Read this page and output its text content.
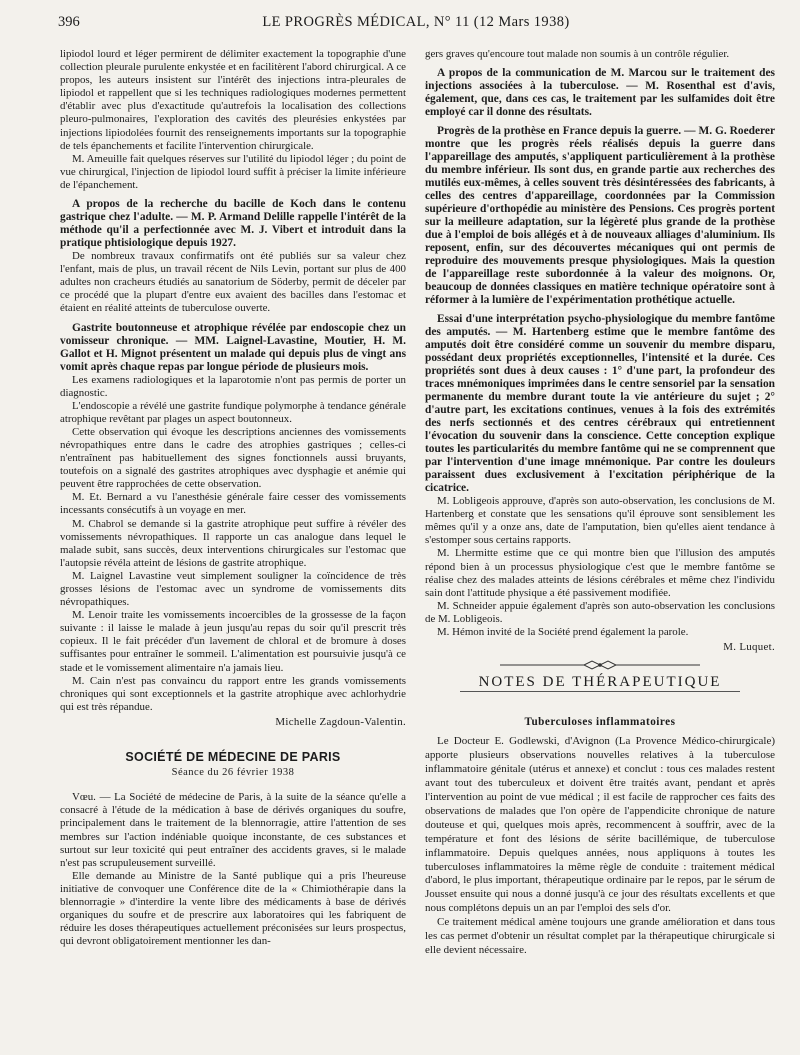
396	LE PROGRÈS MÉDICAL, N° 11 (12 Mars 1938)

lipiodol lourd et léger permirent de délimiter exactement la topographie d'une collection pleurale purulente enkystée et en facilitèrent l'abord chirurgical. A ce propos, les auteurs insistent sur l'intérêt des injections intra-pleurales de lipiodol et rappellent que si les techniques radiologiques modernes permettent d'établir avec plus d'exactitude qu'autrefois la localisation des collections pleuro-pulmonaires, l'exploration des cavités des pleurésies enkystées par injections lipiodolées fournit des renseignements importants sur la topographie de tels épanchements et facilite l'intervention chirurgicale.

M. Ameuille fait quelques réserves sur l'utilité du lipiodol léger ; du point de vue chirurgical, l'injection de lipiodol lourd suffit à préciser la limite inférieure de l'épanchement.

A propos de la recherche du bacille de Koch dans le contenu gastrique chez l'adulte. — M. P. Armand Delille rappelle l'intérêt de la méthode qu'il a perfectionnée avec M. J. Vibert et introduit dans la pratique phtisiologique depuis 1927.

De nombreux travaux confirmatifs ont été publiés sur sa valeur chez l'enfant, mais de plus, un travail récent de Nils Levin, portant sur plus de 400 adultes non cracheurs étudiés au sanatorium de Söderby, permit de déceler par ce procédé que la plupart d'entre eux avaient des bacilles dans l'estomac et étaient en réalité atteints de tuberculose ouverte.

Gastrite boutonneuse et atrophique révélée par endoscopie chez un vomisseur chronique. — MM. Laignel-Lavastine, Moutier, H. M. Gallot et H. Mignot présentent un malade qui depuis plus de vingt ans vomit après chaque repas par longue période de plusieurs mois.

Les examens radiologiques et la laparotomie n'ont pas permis de porter un diagnostic.

L'endoscopie a révélé une gastrite fundique polymorphe à tendance générale atrophique revêtant par plages un aspect boutonneux.

Cette observation qui évoque les descriptions anciennes des vomissements névropathiques entre dans le cadre des atrophies gastriques ; celles-ci n'entraînent pas habituellement des signes fonctionnels aussi bruyants, toutefois on a signalé des gastrites atrophiques avec dysphagie et anémie qui peuvent être rapprochées de cette observation.

M. Et. Bernard a vu l'anesthésie générale faire cesser des vomissements incessants consécutifs à un voyage en mer.

M. Chabrol se demande si la gastrite atrophique peut suffire à révéler des vomissements névropathiques. Il rapporte un cas analogue dans lequel le malade subit, sans succès, deux interventions chirurgicales sur l'estomac que l'autopsie révéla atteint de lésions de gastrite atrophique.

M. Laignel Lavastine veut simplement souligner la coïncidence de très grosses lésions de l'estomac avec un syndrome de vomissements dits névropathiques.

M. Lenoir traite les vomissements incoercibles de la grossesse de la façon suivante : il laisse le malade à jeun jusqu'au repas du soir qu'il prescrit très copieux. Il le fait précéder d'un lavement de chloral et de bromure à doses suffisantes pour entraîner le sommeil. L'alimentation est poursuivie jusqu'à ce stade et le vomissement alimentaire n'a jamais lieu.

M. Cain n'est pas convaincu du rapport entre les grands vomissements chroniques qui sont exceptionnels et la gastrite atrophique avec achlorhydrie qui est très répandue.

Michelle Zagdoun-Valentin.
SOCIÉTÉ DE MÉDECINE DE PARIS
Séance du 26 février 1938

Vœu. — La Société de médecine de Paris, à la suite de la séance qu'elle a consacré à l'étude de la médication à base de dérivés organiques du soufre, principalement dans le traitement de la blennorragie, attire l'attention de ses membres sur l'action indéniable quoique inconstante, de ces substances et surtout sur leur toxicité qui peut entraîner des accidents graves, si le malade n'est pas scrupuleusement surveillé.

Elle demande au Ministre de la Santé publique qui a pris l'heureuse initiative de convoquer une Conférence dite de la « Chimiothérapie dans la blennorragie » d'interdire la vente libre des médicaments à base de dérivés organiques du soufre et de prescrire aux laboratoires qui les fabriquent de réduire les doses thérapeutiques actuellement préconisées sur leurs prospectus, qui devront obligatoirement mentionner les dan-

gers graves qu'encoure tout malade non soumis à un contrôle régulier.

A propos de la communication de M. Marcou sur le traitement des injections associées à la tuberculose. — M. Rosenthal est d'avis, également, que, dans ces cas, le traitement par les sulfamides doit être employé car il donne des résultats.
Progrès de la prothèse en France depuis la guerre. — M. G. Roederer montre que les progrès réels réalisés depuis la guerre dans l'appareillage des amputés, s'appliquent particulièrement à la prothèse du membre inférieur. Ils sont dus, en grande partie aux recherches des mutilés eux-mêmes, à celles souvent très désintéressées des fabricants, à celles des centres d'appareillage, coordonnées par la Commission supérieure d'orthopédie au ministère des Pensions. Ces progrès portent sur la meilleure adaptation, sur la légèreté plus grande de la prothèse due à l'emploi de bois allégés et à de nouveaux alliages d'aluminium. Ils reposent, enfin, sur des découvertes mécaniques qui ont permis de reproduire des mouvements presque physiologiques. Mais la question de l'appareillage reste subordonnée à la valeur des moignons. Or, beaucoup de données classiques en matière technique opératoire sont à réformer à la lumière de l'expérimentation prothétique actuelle.
Essai d'une interprétation psycho-physiologique du membre fantôme des amputés. — M. Hartenberg estime que le membre fantôme des amputés doit être considéré comme un souvenir du membre disparu, possédant deux propriétés exceptionnelles, l'intensité et la durée. Ces propriétés sont dues à deux causes : 1° d'une part, la profondeur des traces mnémoniques imprimées dans le centre sensoriel par la sensation permanente du membre durant toute la vie antérieure du sujet ; 2° d'autre part, les excitations continues, venues à la fois des extrémités des nerfs sectionnés et des centres cérébraux qui entretiennent l'évocation du souvenir dans la conscience. Cette conception explique toutes les particularités du membre fantôme qui ne se comprennent que par l'intervention d'une image mnémonique. Par contre les douleurs paraissent dues exclusivement à l'excitation périphérique de la cicatrice.

M. Lobligeois approuve, d'après son auto-observation, les conclusions de M. Hartenberg et constate que les sensations qu'il éprouve sont sensiblement les mêmes qu'il y a onze ans, date de l'amputation, bien qu'elles aient tendance à s'estomper sous certains rapports.

M. Lhermitte estime que ce qui montre bien que l'illusion des amputés répond bien à un processus physiologique c'est que le membre fantôme se réalise chez des malades atteints de lésions cérébrales et même chez l'individu sain dont l'attitude physique a été passivement modifiée.

M. Schneider appuie également d'après son auto-observation les conclusions de M. Lobligeois.

M. Hémon invité de la Société prend également la parole.

M. Luquet.
NOTES DE THÉRAPEUTIQUE
Tuberculoses inflammatoires

Le Docteur E. Godlewski, d'Avignon (La Provence Médico-chirurgicale) apporte plusieurs observations nouvelles relatives à la tuberculose inflammatoire génitale (utérus et annexe) et conclut : tous ces malades restent avant tout des tuberculeux et doivent être traités avant, pendant et après l'intervention au point de vue médical ; il est facile de rapprocher ces faits des observations de malades que l'on opère de l'appendicite chronique de nature douteuse et qui, quelques mois après, recommencent à souffrir, avec de la température et font des lésions de sérite bacillémique, de tuberculose inflammatoire. Depuis quelques années, nous appliquons à toutes les tuberculoses inflammatoires la même règle de conduite : traitement médical d'abord, le plus important, thérapeutique ordinaire par le repos, par le sérum de Jousset ensuite qui nous a donné jusqu'à ce jour des résultats excellents et que nous complétons depuis un an par l'emploi des sels d'or.

Ce traitement médical amène toujours une grande amélioration et dans tous les cas permet d'obtenir un résultat complet par la thérapeutique chirurgicale si elle devient nécessaire.
